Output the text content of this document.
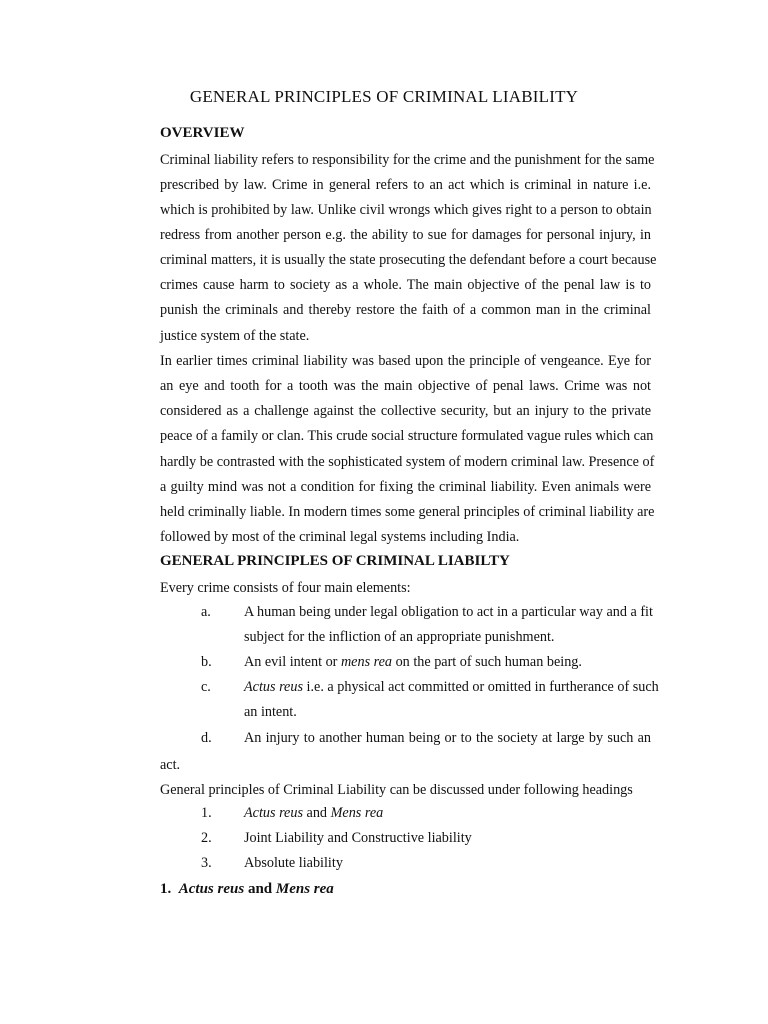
GENERAL PRINCIPLES OF CRIMINAL LIABILITY
OVERVIEW
Criminal liability refers to responsibility for the crime and the punishment for the same
prescribed by law. Crime in general refers to an act which is criminal in nature i.e.
which is prohibited by law. Unlike civil wrongs which gives right to a person to obtain
redress from another person e.g. the ability to sue for damages for personal injury, in
criminal matters, it is usually the state prosecuting the defendant before a court because
crimes cause harm to society as a whole. The main objective of the penal law is to
punish the criminals and thereby restore the faith of a common man in the criminal
justice system of the state.
In earlier times criminal liability was based upon the principle of vengeance. Eye for
an eye and tooth for a tooth was the main objective of penal laws. Crime was not
considered as a challenge against the collective security, but an injury to the private
peace of a family or clan. This crude social structure formulated vague rules which can
hardly be contrasted with the sophisticated system of modern criminal law. Presence of
a guilty mind was not a condition for fixing the criminal liability. Even animals were
held criminally liable. In modern times some general principles of criminal liability are
followed by most of the criminal legal systems including India.
GENERAL PRINCIPLES OF CRIMINAL LIABILTY
Every crime consists of four main elements:
a. A human being under legal obligation to act in a particular way and a fit
subject for the infliction of an appropriate punishment.
b. An evil intent or mens rea on the part of such human being.
c. Actus reus i.e. a physical act committed or omitted in furtherance of such
an intent.
d. An injury to another human being or to the society at large by such an
act.
General principles of Criminal Liability can be discussed under following headings
1. Actus reus and Mens rea
2. Joint Liability and Constructive liability
3. Absolute liability
1. Actus reus and Mens rea
